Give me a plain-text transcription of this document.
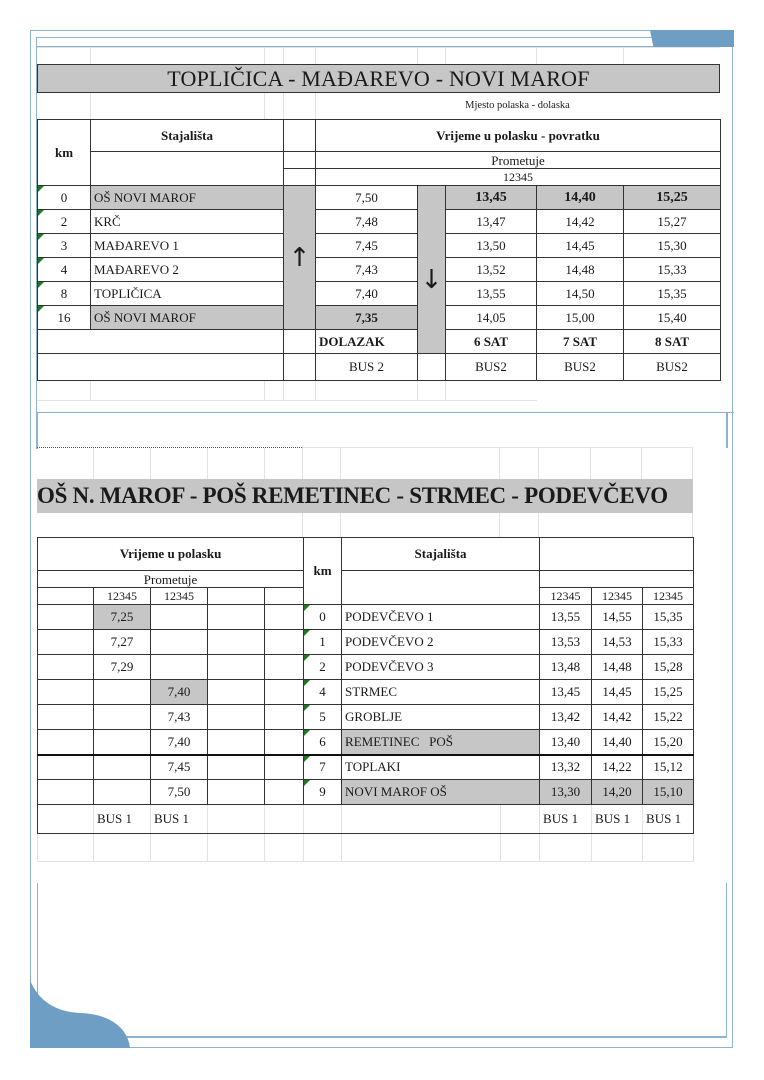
TOPLIČICA - MAĐAREVO - NOVI MAROF
Mjesto polaska - dolaska
km	Stajališta		Vrijeme u polasku - povratku				
			Prometuje				
			12345				
0	OŠ NOVI MAROF	↑	7,50	↓	13,45	14,40	15,25
2	KRČ		7,48		13,47	14,42	15,27
3	MAĐAREVO 1		7,45		13,50	14,45	15,30
4	MAĐAREVO 2		7,43		13,52	14,48	15,33
8	TOPLIČICA		7,40		13,55	14,50	15,35
16	OŠ NOVI MAROF		7,35		14,05	15,00	15,40
			DOLAZAK		6 SAT	7 SAT	8 SAT
			BUS 2		BUS2	BUS2	BUS2
OŠ N. MAROF - POŠ REMETINEC - STRMEC - PODEVČEVO
Vrijeme u polasku					km	Stajališta				
Prometuje										
	12345	12345						12345	12345	12345
	7,25				0	PODEVČEVO 1		13,55	14,55	15,35
	7,27				1	PODEVČEVO 2		13,53	14,53	15,33
	7,29				2	PODEVČEVO 3		13,48	14,48	15,28
		7,40			4	STRMEC		13,45	14,45	15,25
		7,43			5	GROBLJE		13,42	14,42	15,22
		7,40			6	REMETINEC   POŠ		13,40	14,40	15,20
		7,45			7	TOPLAKI		13,32	14,22	15,12
		7,50			9	NOVI MAROF OŠ		13,30	14,20	15,10
	BUS 1	BUS 1						BUS 1	BUS 1	BUS 1
